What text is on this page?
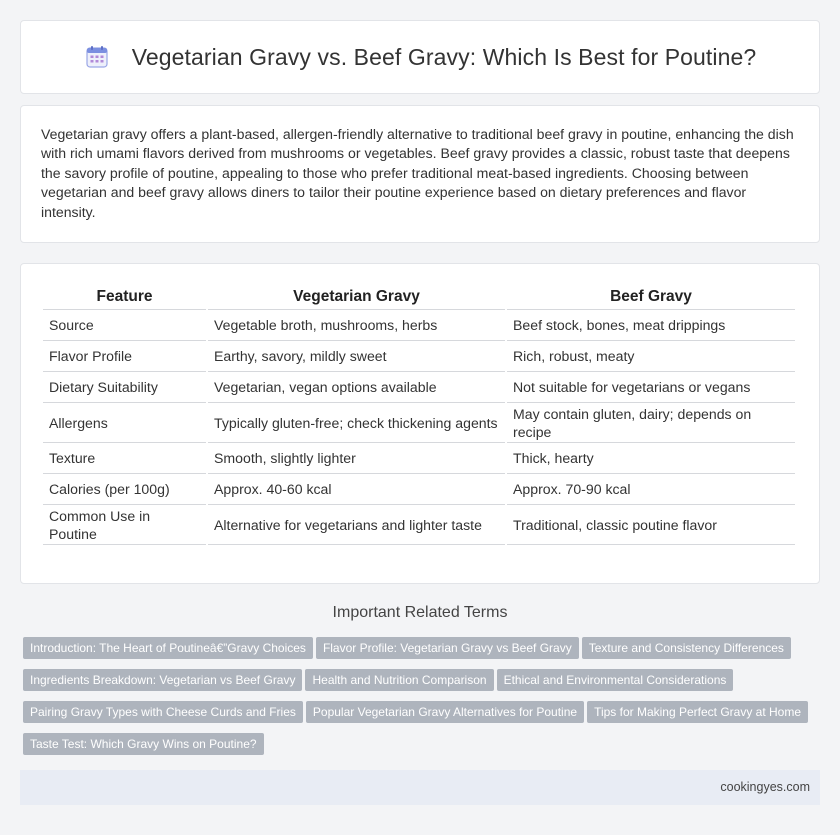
Vegetarian Gravy vs. Beef Gravy: Which Is Best for Poutine?

Vegetarian gravy offers a plant-based, allergen-friendly alternative to traditional beef gravy in poutine, enhancing the dish with rich umami flavors derived from mushrooms or vegetables. Beef gravy provides a classic, robust taste that deepens the savory profile of poutine, appealing to those who prefer traditional meat-based ingredients. Choosing between vegetarian and beef gravy allows diners to tailor their poutine experience based on dietary preferences and flavor intensity.

Feature	Vegetarian Gravy	Beef Gravy
Source	Vegetable broth, mushrooms, herbs	Beef stock, bones, meat drippings
Flavor Profile	Earthy, savory, mildly sweet	Rich, robust, meaty
Dietary Suitability	Vegetarian, vegan options available	Not suitable for vegetarians or vegans
Allergens	Typically gluten-free; check thickening agents	May contain gluten, dairy; depends on recipe
Texture	Smooth, slightly lighter	Thick, hearty
Calories (per 100g)	Approx. 40-60 kcal	Approx. 70-90 kcal
Common Use in Poutine	Alternative for vegetarians and lighter taste	Traditional, classic poutine flavor
Important Related Terms
Introduction: The Heart of Poutineâ€”Gravy Choices Flavor Profile: Vegetarian Gravy vs Beef Gravy Texture and Consistency DifferencesIngredients Breakdown: Vegetarian vs Beef Gravy Health and Nutrition Comparison Ethical and Environmental ConsiderationsPairing Gravy Types with Cheese Curds and Fries Popular Vegetarian Gravy Alternatives for Poutine Tips for Making Perfect Gravy at HomeTaste Test: Which Gravy Wins on Poutine?
cookingyes.com
